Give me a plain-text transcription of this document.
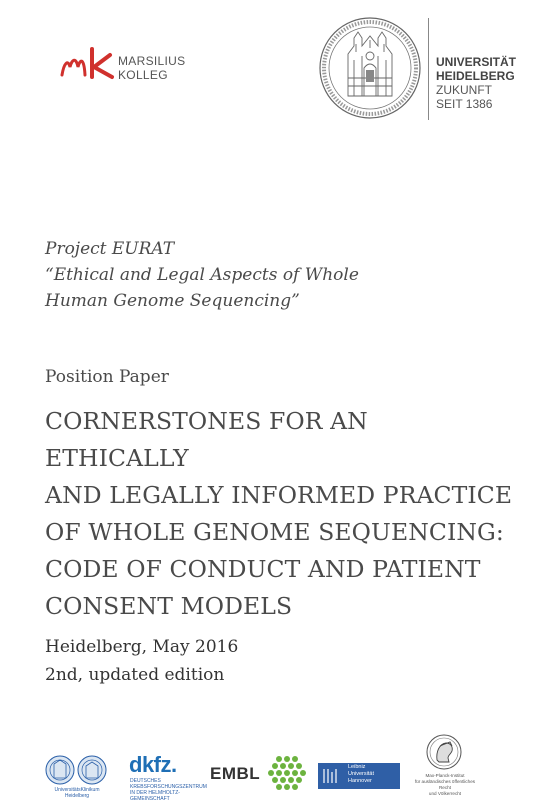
MARSILIUS
KOLLEG
UNIVERSITÄT
HEIDELBERG
ZUKUNFT
SEIT 1386
Project EURAT
“Ethical and Legal Aspects of Whole
Human Genome Sequencing”
Position Paper
CORNERSTONES FOR AN ETHICALLY
AND LEGALLY INFORMED PRACTICE
OF WHOLE GENOME SEQUENCING:
CODE OF CONDUCT AND PATIENT
CONSENT MODELS
Heidelberg, May 2016
2nd, updated edition
UniversitätsKlinikum Heidelberg
dkfz.
DEUTSCHES
KREBSFORSCHUNGSZENTRUM
IN DER HELMHOLTZ-GEMEINSCHAFT
EMBL	Leibniz
Universität
Hannover
Max-Planck-Institut
für ausländisches öffentliches Recht
und Völkerrecht
